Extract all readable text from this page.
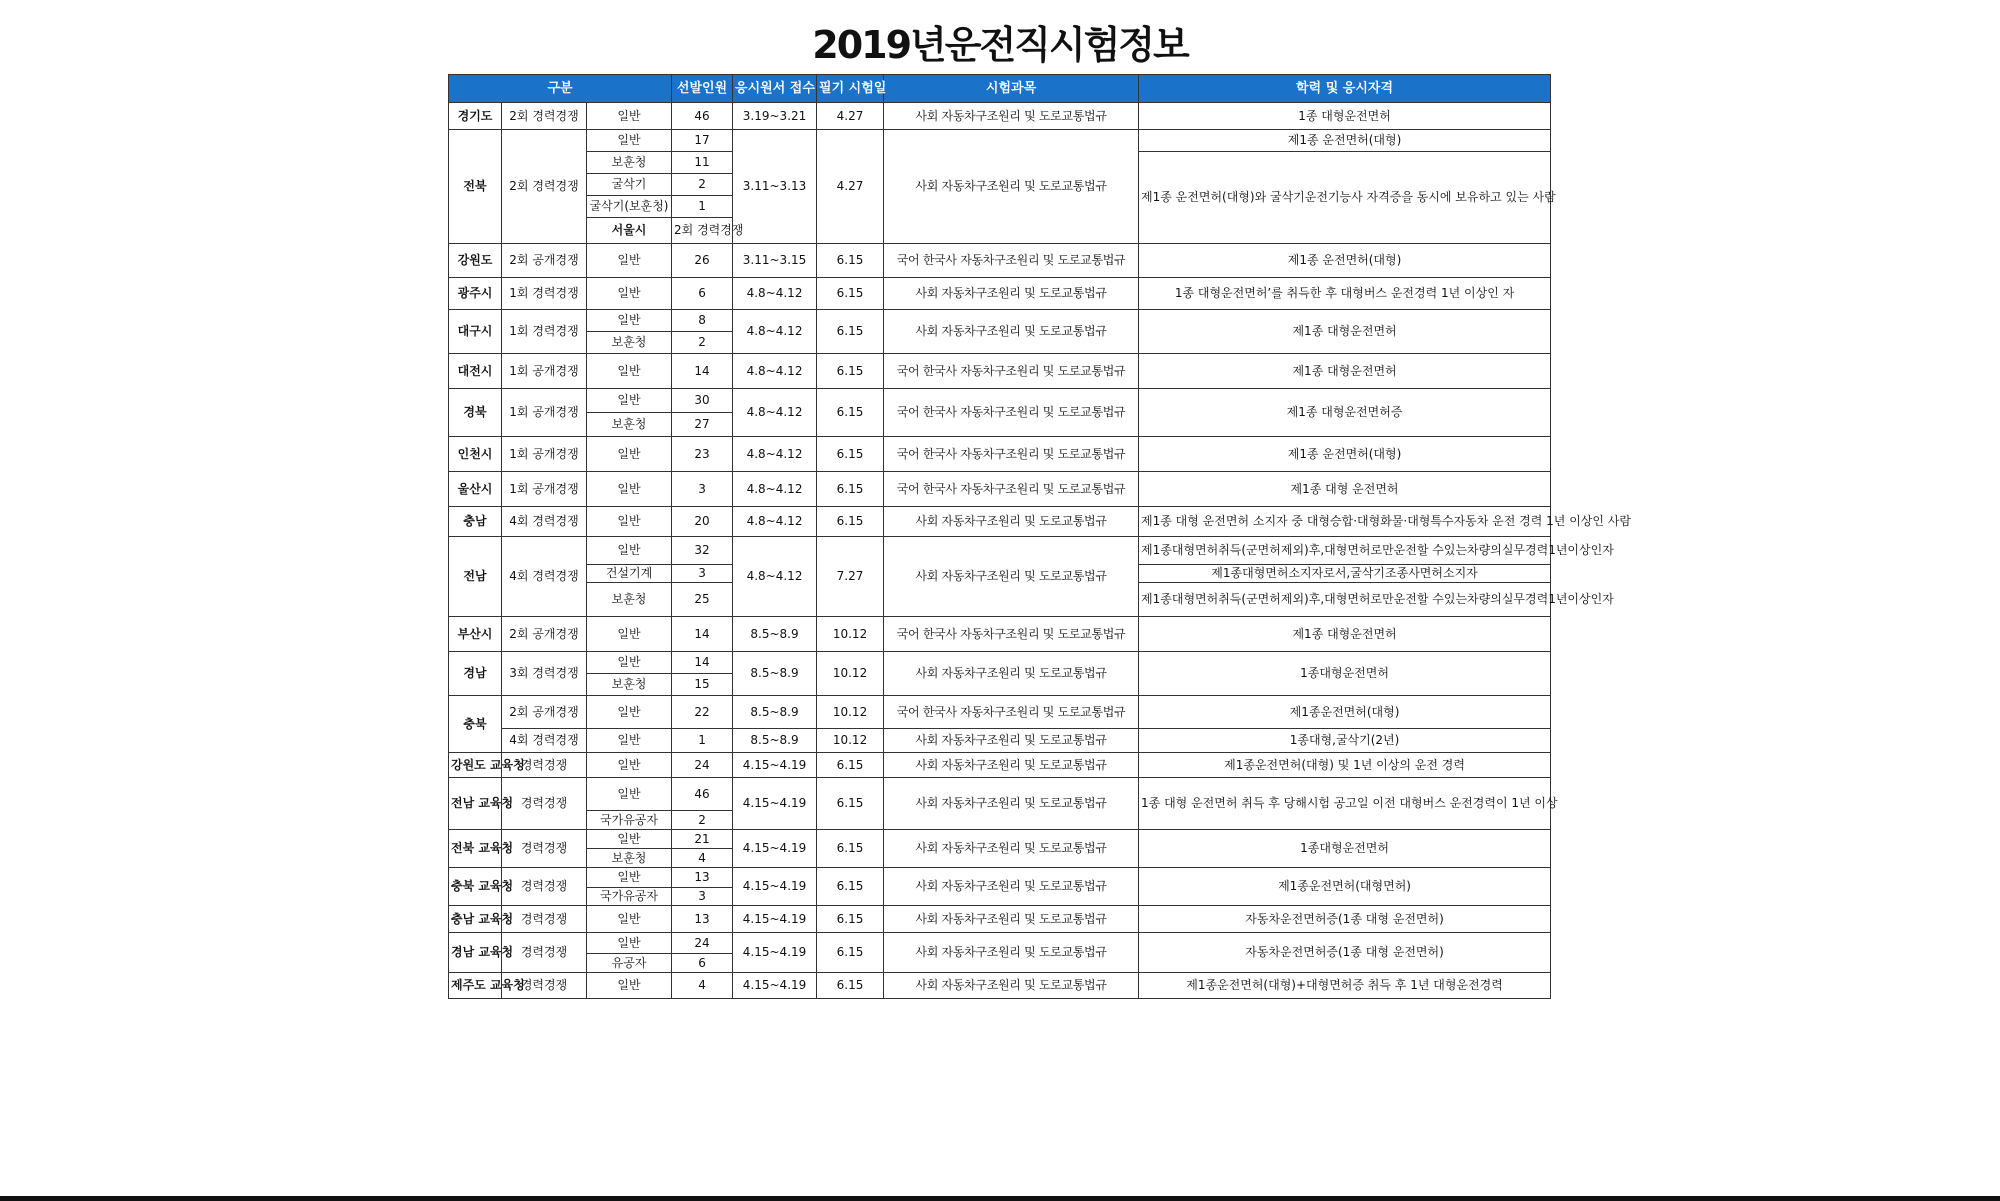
2019년운전직시험정보
구분			선발인원	응시원서 접수	필기 시험일	시험과목	학력 및 응시자격	
경기도	2회 경력경쟁	일반	46	3.19~3.21	4.27	사회 자동차구조원리 및 도로교통법규	1종 대형운전면허	
전북	2회 경력경쟁	일반	17	3.11~3.13	4.27	사회 자동차구조원리 및 도로교통법규	제1종 운전면허(대형)	
		보훈청	11				제1종 운전면허(대형)와 굴삭기운전기능사 자격증을 동시에 보유하고 있는 사람	
		굴삭기	2					
		굴삭기(보훈청)	1					
		서울시	2회 경력경쟁						
강원도	2회 공개경쟁	일반	26	3.11~3.15	6.15	국어 한국사 자동차구조원리 및 도로교통법규	제1종 운전면허(대형)	
광주시	1회 경력경쟁	일반	6	4.8~4.12	6.15	사회 자동차구조원리 및 도로교통법규	1종 대형운전면허’를 취득한 후 대형버스 운전경력 1년 이상인 자	
대구시	1회 경력경쟁	일반	8	4.8~4.12	6.15	사회 자동차구조원리 및 도로교통법규	제1종 대형운전면허	
		보훈청	2					
대전시	1회 공개경쟁	일반	14	4.8~4.12	6.15	국어 한국사 자동차구조원리 및 도로교통법규	제1종 대형운전면허	
경북	1회 공개경쟁	일반	30	4.8~4.12	6.15	국어 한국사 자동차구조원리 및 도로교통법규	제1종 대형운전면허증	
		보훈청	27					
인천시	1회 공개경쟁	일반	23	4.8~4.12	6.15	국어 한국사 자동차구조원리 및 도로교통법규	제1종 운전면허(대형)	
울산시	1회 공개경쟁	일반	3	4.8~4.12	6.15	국어 한국사 자동차구조원리 및 도로교통법규	제1종 대형 운전면허	
충남	4회 경력경쟁	일반	20	4.8~4.12	6.15	사회 자동차구조원리 및 도로교통법규	제1종 대형 운전면허 소지자 중 대형승합·대형화물·대형특수자동차 운전 경력 1년 이상인 사람	
전남	4회 경력경쟁	일반	32	4.8~4.12	7.27	사회 자동차구조원리 및 도로교통법규	제1종대형면허취득(군면허제외)후,대형면허로만운전할 수있는차량의실무경력1년이상인자	
		건설기계	3				제1종대형면허소지자로서,굴삭기조종사면허소지자	
		보훈청	25				제1종대형면허취득(군면허제외)후,대형면허로만운전할 수있는차량의실무경력1년이상인자	
부산시	2회 공개경쟁	일반	14	8.5~8.9	10.12	국어 한국사 자동차구조원리 및 도로교통법규	제1종 대형운전면허	
경남	3회 경력경쟁	일반	14	8.5~8.9	10.12	사회 자동차구조원리 및 도로교통법규	1종대형운전면허	
		보훈청	15					
충북	2회 공개경쟁	일반	22	8.5~8.9	10.12	국어 한국사 자동차구조원리 및 도로교통법규	제1종운전면허(대형)	
	4회 경력경쟁	일반	1	8.5~8.9	10.12	사회 자동차구조원리 및 도로교통법규	1종대형,굴삭기(2년)	
강원도 교육청	경력경쟁	일반	24	4.15~4.19	6.15	사회 자동차구조원리 및 도로교통법규	제1종운전면허(대형) 및 1년 이상의 운전 경력	
전남 교육청	경력경쟁	일반	46	4.15~4.19	6.15	사회 자동차구조원리 및 도로교통법규	1종 대형 운전면허 취득 후 당해시험 공고일 이전 대형버스 운전경력이 1년 이상	
		국가유공자	2					
전북 교육청	경력경쟁	일반	21	4.15~4.19	6.15	사회 자동차구조원리 및 도로교통법규	1종대형운전면허	
		보훈청	4					
충북 교육청	경력경쟁	일반	13	4.15~4.19	6.15	사회 자동차구조원리 및 도로교통법규	제1종운전면허(대형면허)	
		국가유공자	3					
충남 교육청	경력경쟁	일반	13	4.15~4.19	6.15	사회 자동차구조원리 및 도로교통법규	자동차운전면허증(1종 대형 운전면허)	
경남 교육청	경력경쟁	일반	24	4.15~4.19	6.15	사회 자동차구조원리 및 도로교통법규	자동차운전면허증(1종 대형 운전면허)	
		유공자	6					
제주도 교육청	경력경쟁	일반	4	4.15~4.19	6.15	사회 자동차구조원리 및 도로교통법규	제1종운전면허(대형)+대형면허증 취득 후 1년 대형운전경력	
